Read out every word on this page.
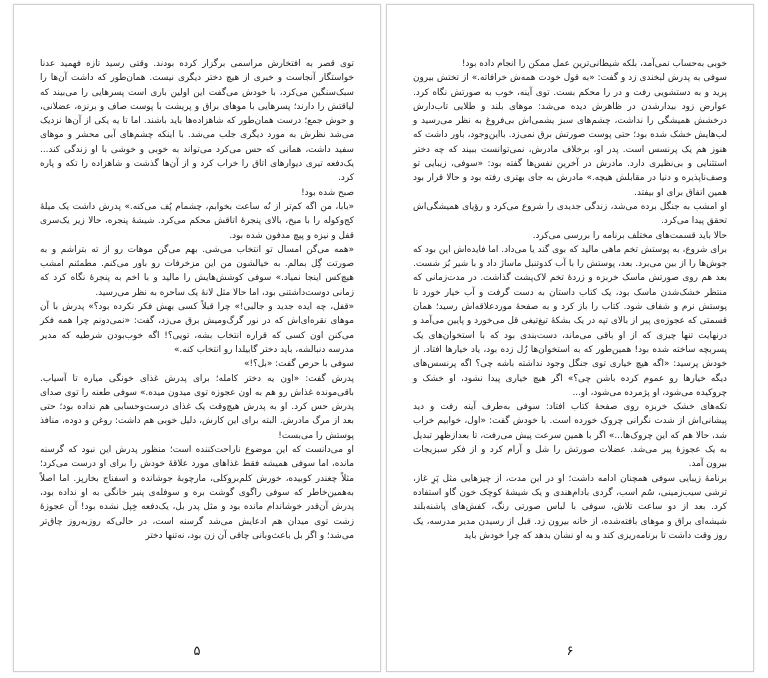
توی قصر به افتخارش مراسمی برگزار کرده بودند. وقتی رسید تازه فهمید عدنا خواستگار آنجاست و خبری از هیچ دختر دیگری نیست. همان‌طور که داشت آن‌ها را سبک‌سنگین می‌کرد، با خودش می‌گفت این اولین باری است پسرهایی را می‌بیند که لیاقتش را دارند؛ پسرهایی با موهای براق و پریشت با پوست صاف و برنزه، عضلانی، و حوش جمع؛ درست همان‌طور که شاهزاده‌ها باید باشند. اما تا یه یکی از آن‌ها نزدیک می‌شد نظرش به مورد دیگری جلب می‌شد. با اینکه چشم‌های آبی محشر و موهای سفید داشت، همانی که حس می‌کرد می‌تواند به خوبی و خوشی با او زندگی کند... یک‌دفعه تیری دیوارهای اتاق را خراب کرد و از آن‌ها گذشت و شاهزاده را تکه و پاره کرد.

صبح شده بود!

«بابا، من اگه کم‌تر از نُه ساعت بخوابم، چشمام پُف می‌کنه.» پدرش داشت یک میلهٔ کج‌وکوله را با میخ، بالای پنجرهٔ اتاقش محکم می‌کرد. شیشهٔ پنجره، حالا زیر یک‌سری قفل و نیزه و پیچ مدفون شده بود.

«همه می‌گن امسال تو انتخاب می‌شی. بهم می‌گن موهات رو از ته بتراشم و به صورتت گِل بمالم. به خیالشون من این مزخرفات رو باور می‌کنم. مطمئنم امشب هیچ‌کس اینجا نمیاد.» سوفی کوشش‌هایش را مالید و با اخم به پنجرهٔ نگاه کرد که زمانی دوست‌داشتنی بود، اما حالا مثل لانهٔ یک ساحره به نظر می‌رسید.

«قفل، چه ایده جدید و جالبی!» چرا قبلاً کسی بهش فکر نکرده بود؟» پدرش با آن موهای نقره‌ای‌اش که در نور گرگ‌ومیش برق می‌زد، گفت: «نمی‌دونم چرا همه فکر می‌کنن اون کسی که قراره انتخاب بشه، تویی؟! اگه خوب‌بودن شرطیه که مدیر مدرسه دنبالشه، باید دختر گابیلدا رو انتخاب کنه.»

سوفی با حرص گفت: «بل؟!»

پدرش گفت: «اون یه دختر کامله؛ برای پدرش غذای خونگی میاره تا آسیاب. باقی‌مونده غذاش رو هم به اون عجوزه توی میدون میده.» سوفی طعنه را توی صدای پدرش حس کرد. او به پدرش هیچ‌وقت یک غذای درست‌وحسابی هم نداده بود؛ حتی بعد از مرگ مادرش. البته برای این کارش، دلیل خوبی هم داشت: روغن و دوده، منافذ پوستش را می‌بست!

او می‌دانست که این موضوع ناراحت‌کننده است؛ منظور پدرش این نبود که گرسنه مانده، اما سوفی همیشه فقط غذاهای مورد علاقهٔ خودش را برای او درست می‌کرد؛ مثلاً چغندر کوبیده، خورش کلم‌بروکلی، مارچوبهٔ جوشانده و اسفناج بخارپز. اما اصلاً به‌همین‌خاطر که سوفی راگوی گوشت بره و سوفله‌ی پنیر خانگی به او نداده بود، پدرش آن‌قدر خوشاندام مانده بود و مثل پدر بل، یک‌دفعه خِپل نشده بود! آن عجوزهٔ زشت توی میدان هم ادعایش می‌شد گرسنه است، در حالی‌که روزبه‌روز چاق‌تر می‌شد؛ و اگر بل باعث‌وبانی چاقی آن زن بود، نه‌تنها دختر

۵

خوبی به‌حساب نمی‌آمد، بلکه شیطانی‌ترین عمل ممکن را انجام داده بود!

سوفی به پدرش لبخندی زد و گفت: «به قول خودت همه‌ش خرافاته.» از تختش بیرون پرید و به دستشویی رفت و در را محکم بست. توی آینه، خوب به صورتش نگاه کرد. عوارض زود بیدارشدن در ظاهرش دیده می‌شد: موهای بلند و طلایی تاب‌دارش درخشش همیشگی را نداشت، چشم‌های سبز یشمی‌اش بی‌فروغ به نظر می‌رسید و لب‌هایش خشک شده بود؛ حتی پوست صورتش برق نمی‌زد. با‌این‌وجود، باور داشت که هنوز هم یک پرنسس است. پدر او، برخلاف مادرش، نمی‌توانست ببیند که چه دختر استثنایی و بی‌نظیری دارد. مادرش در آخرین نفس‌ها گفته بود: «سوفی، زیبایی تو وصف‌ناپذیره و دنیا در مقابلش هیچه.» مادرش به جای بهتری رفته بود و حالا قرار بود همین اتفاق برای او بیفتد.

او امشب به جنگل برده می‌شد، زندگی جدیدی را شروع می‌کرد و رؤیای همیشگی‌اش تحقق پیدا می‌کرد.

حالا باید قسمت‌های مختلف برنامه را بررسی می‌کرد.

برای شروع، به پوستش تخم ماهی مالید که بوی گند یا می‌داد. اما فایده‌اش این بود که جوش‌ها را از بین می‌برد. بعد، پوستش را با آب کدوتنبل ماساژ داد و با شیر بُز شست. بعد هم روی صورتش ماسک خربزه و زردهٔ تخم لاک‌پشت گذاشت. در مدت‌زمانی که منتظر خشک‌شدن ماسک بود، یک کتاب داستان به دست گرفت و آب خیار خورد تا پوستش نرم و شفاف شود. کتاب را باز کرد و به صفحهٔ مورد‌علاقه‌اش رسید؛ همان قسمتی که عجوزه‌ی پیر از بالای تپه در یک بشکهٔ تیغ‌تیغی قل می‌خورد و پایین می‌آمد و درنهایت تنها چیزی که از او باقی می‌ماند، دست‌بندی بود که با استخوان‌های یک پسربچه ساخته شده بود! همین‌طور که به استخوان‌ها زُل زده بود، یاد خیارها افتاد. از خودش پرسید: «اگه هیچ خیاری توی جنگل وجود نداشته باشه چی؟ اگه پرنسس‌های دیگه خیارها رو عموم کرده باشن چی؟» اگر هیچ خیاری پیدا نشود، او خشک و چروکیده می‌شود، او پژمرده می‌شود، او...

تکه‌های خشک خربزه روی صفحهٔ کتاب افتاد: سوفی به‌طرف آینه رفت و دید پیشانی‌اش از شدت نگرانی چروک خورده است. با خودش گفت: «اول، خوابیم خراب شد، حالا هم که این چروک‌ها...» اگر با همین سرعت پیش می‌رفت، تا بعدازظهر تبدیل به یک عجوزهٔ پیر می‌شد. عضلات صورتش را شل و آرام کرد و از فکر سبزیجات بیرون آمد.

برنامهٔ زیبایی سوفی همچنان ادامه داشت؛ او در این مدت، از چیزهایی مثل پَرِ غاز، ترشی سیب‌زمینی، سُم اسب، گردی بادام‌هندی و یک شیشهٔ کوچک خون گاو استفاده کرد. بعد از دو ساعت تلاش، سوفی با لباس صورتی رنگ، کفش‌های پاشنه‌بلند شیشه‌ای براق و موهای بافته‌شده، از خانه بیرون زد. قبل از رسیدن مدیر مدرسه، یک روز وقت داشت تا برنامه‌ریزی کند و به او نشان بدهد که چرا خودش باید

۶
